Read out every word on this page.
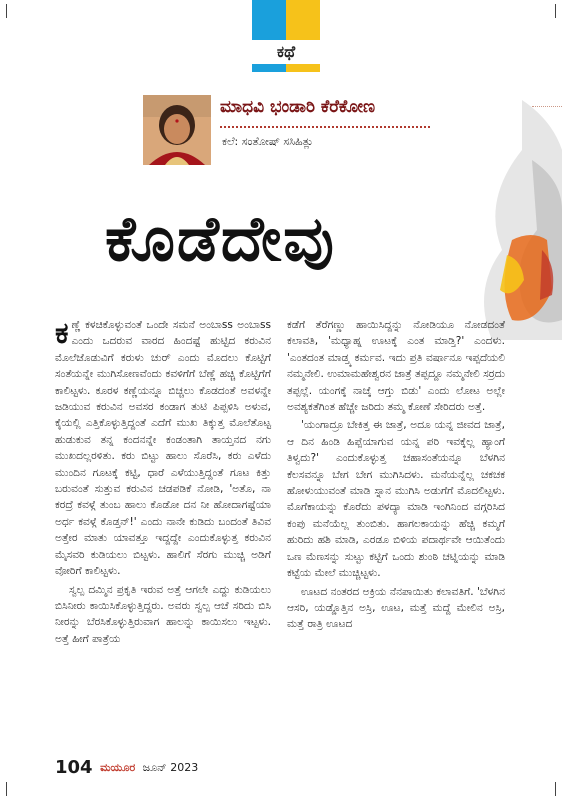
ಕಥೆ
ಮಾಧವಿ ಭಂಡಾರಿ ಕೆರೆಕೋಣ
ಕಲೆ: ಸಂತೋಷ್ ಸಸಿಹಿತ್ಲು
ಕೊಡೆದೇವು

ಕಣ್ಣೆ ಕಳಚಿಕೊಳ್ಳುವಂತೆ ಒಂದೇ ಸಮನೆ ಅಂಬಾss ಅಂಬಾss ಎಂದು ಒದರುವ ವಾರದ ಹಿಂದಷ್ಟೆ ಹುಟ್ಟಿದ ಕರುವಿನ ಮೊಲೆಜೊಡುವಿಗೆ ಕರುಳು ಚುರ್ ಎಂದು ಮೊದಲು ಕೊಟ್ಟಿಗೆ ಸಂತೆಯನ್ನೇ ಮುಗಿಸೋಣವೆಂದು ಕವಳಿಗೆಗೆ ಬೆಣ್ಣೆ ಹಚ್ಚಿ ಕೊಟ್ಟಿಗೆಗೆ ಕಾಲಿಟ್ಟಳು. ಕೂರಳ ಕಣ್ಣೆಯನ್ನೂ ಬಿಚ್ಚಲು ಕೊಡದಂತೆ ಅವಳನ್ನೇ ಜಡಿಯುವ ಕರುವಿನ ಅವಸರ ಕಂಡಾಗ ತುಟಿ ಪಿಪ್ಪಳಿಸಿ ಅಳುವ, ಕೈಯಲ್ಲಿ ಎತ್ತಿಕೊಳ್ಳುತ್ತಿದ್ದಂತೆ ಎದೆಗೆ ಮುಖ ತಿಕ್ಕುತ್ತ ಮೊಲೆತೊಟ್ಟ ಹುಡುಕುವ ತನ್ನ ಕಂದನನ್ನೇ ಕಂಡಂತಾಗಿ ತಾಯ್ತನದ ನಗು ಮುಖದಲ್ಲರಳಿತು. ಕರು ಬಿಟ್ಟು ಹಾಲು ಸೊರೆಸಿ, ಕರು ಎಳೆದು ಮುಂದಿನ ಗೂಟಕ್ಕೆ ಕಟ್ಟಿ, ಧಾರೆ ಎಳೆಯುತ್ತಿದ್ದಂತೆ ಗೂಟ ಕಿತ್ತು ಬರುವಂತೆ ಸುತ್ತುವ ಕರುವಿನ ಚಡಪಡಿಕೆ ನೋಡಿ, 'ಅತೊ, ನಾ ಕರದ್ರೆ ಕವಳ್ಗೆ ತುಂಬ ಹಾಲು ಕೊಡೋ ದನ ನೀ ಹೋದಾಗಷ್ಟೆಯಾ ಅರ್ಧ ಕವಳ್ಗೆ ಕೊಡ್ತನ್!' ಎಂದು ನಾನೇ ಕುಡಿದು ಬಂದಂತೆ ತಿವಿವ ಅತ್ತೇರ ಮಾತು ಯಾವತ್ತೂ ಇದ್ದದ್ದೇ ಎಂದುಕೊಳ್ಳುತ್ತ ಕರುವಿನ ಮೈಸವರಿ ಕುಡಿಯಲು ಬಿಟ್ಟಳು. ಹಾಲಿಗೆ ಸೆರಗು ಮುಚ್ಚಿ ಅಡಿಗೆ ವೋರಿಗೆ ಕಾಲಿಟ್ಟಳು.

ಸ್ವಲ್ಪ ದಮ್ಮಿನ ಪ್ರಕೃತಿ ಇರುವ ಅತ್ತೆ ಆಗಲೇ ಎದ್ದು ಕುಡಿಯಲು ಬಿಸಿನೀರು ಕಾಯಿಸಿಕೊಳ್ಳುತ್ತಿದ್ದರು. ಅವರು ಸ್ವಲ್ಪ ಆಚೆ ಸರಿದು ಬಿಸಿ ನೀರನ್ನು ಬೆರಸಿಕೊಳ್ಳುತ್ತಿರುವಾಗ ಹಾಲನ್ನು ಕಾಯಿಸಲು ಇಟ್ಟಳು. ಅತ್ತೆ ಹೀಗೆ ಪಾತ್ರೆಯ

ಕಡೆಗೆ ತೆರೆಗಣ್ಣು ಹಾಯಿಸಿದ್ದನ್ನು ನೋಡಿಯೂ ನೋಡದಂತೆ ಕಲಾವತಿ, 'ಮಧ್ಯಾಹ್ನ ಊಟಕ್ಕೆ ಎಂತ ಮಾಡ್ತಿ?' ಎಂದಳು. 'ಎಂತದಂತ ಮಾಡ್ತ್ಕ ಕರ್ಮವ. ಇದು ಪ್ರತಿ ವರ್ಷಾನೂ ಇಪ್ಪದೆಯಲಿ ನಮ್ಮನೇಲಿ. ಉಮಾಮಹೇಶ್ವರನ ಜಾತ್ರೆ ತಪ್ಪದ್ದೂ ನಮ್ಮನೇಲಿ ಸರ್ರದು ತಪ್ಪಲ್ಲೆ. ಯಂಗಕ್ಕೆ ನಾಚ್ಕೆ ಆಗ್ತು ಬಿಡು' ಎಂದು ಲೋಟ ಅಲ್ಲೇ ಅವಶ್ಯಕತೆಗಿಂತ ಹೆಚ್ಚೇ ಜರಿದು ತಮ್ಮ ಕೋಣೆ ಸೇರಿದರು ಅತ್ತೆ.

'ಯಂಗಾದ್ರೂ ಬೇಕಿತ್ತ ಈ ಜಾತ್ರೆ, ಅದೂ ಯನ್ನ ಜೀವದ ಜಾತ್ರೆ, ಆ ದಿನ ಹಿಂಡಿ ಹಿಪ್ಪೆಯಾಗುವ ಯನ್ನ ಪರಿ ಇವಕ್ಕೆಲ್ಲ ಹ್ಯಾಂಗೆ ತಿಳ್ವದು?' ಎಂದುಕೊಳ್ಳುತ್ತ ಚಹಾಸಂತೆಯನ್ನೂ ಬೆಳಗಿನ ಕೆಲಸವನ್ನೂ ಬೇಗ ಬೇಗ ಮುಗಿಸಿದಳು. ಮನೆಯನ್ನೆಲ್ಲ ಚಕಚಕ ಹೋಳುಯುವಂತೆ ಮಾಡಿ ಸ್ನಾನ ಮುಗಿಸಿ ಅಡುಗೆಗೆ ಮೊದಲಿಟ್ಟಳು. ಮೊಗೆಕಾಯನ್ನು ಕೊರೆದು ಪಳದ್ಯಾ ಮಾಡಿ ಇಂಗಿನಿಂದ ವಗ್ಗರಿಸಿದ ಕಂಪು ಮನೆಯೆಲ್ಲ ತುಂಬಿತು. ಹಾಗಲಕಾಯನ್ನು ಹೆಚ್ಚಿ ಕಮ್ಮಗೆ ಹುರಿದು ಹಶಿ ಮಾಡಿ, ಎರಡೂ ಬಿಳಿಯ ಪದಾರ್ಥವೇ ಆಯಿತೆಂದು ಒಣ ಮೆಣಸನ್ನು ಸುಟ್ಟು ಕಟ್ಟಿಗೆ ಒಂದು ಶುಂಠಿ ಚಟ್ನಿಯನ್ನು ಮಾಡಿ ಕಟ್ಟೆಯ ಮೇಲೆ ಮುಚ್ಚಿಟ್ಟಳು.

ಊಟದ ನಂತರದ ಅಕ್ರಿಯ ನೆನಪಾಯಿತು ಕಲಾವತಿಗೆ. 'ಬೆಳಗಿನ ಆಸರಿ, ಯಡ್ಡೊತ್ತಿನ ಅಸ್ರಿ, ಊಟ, ಮತ್ತೆ ಮದ್ದೆ ಮೇಲಿನ ಅಸ್ರಿ, ಮತ್ತೆ ರಾತ್ರಿ ಊಟದ

104 ಮಯೂರ ಜೂನ್ 2023
